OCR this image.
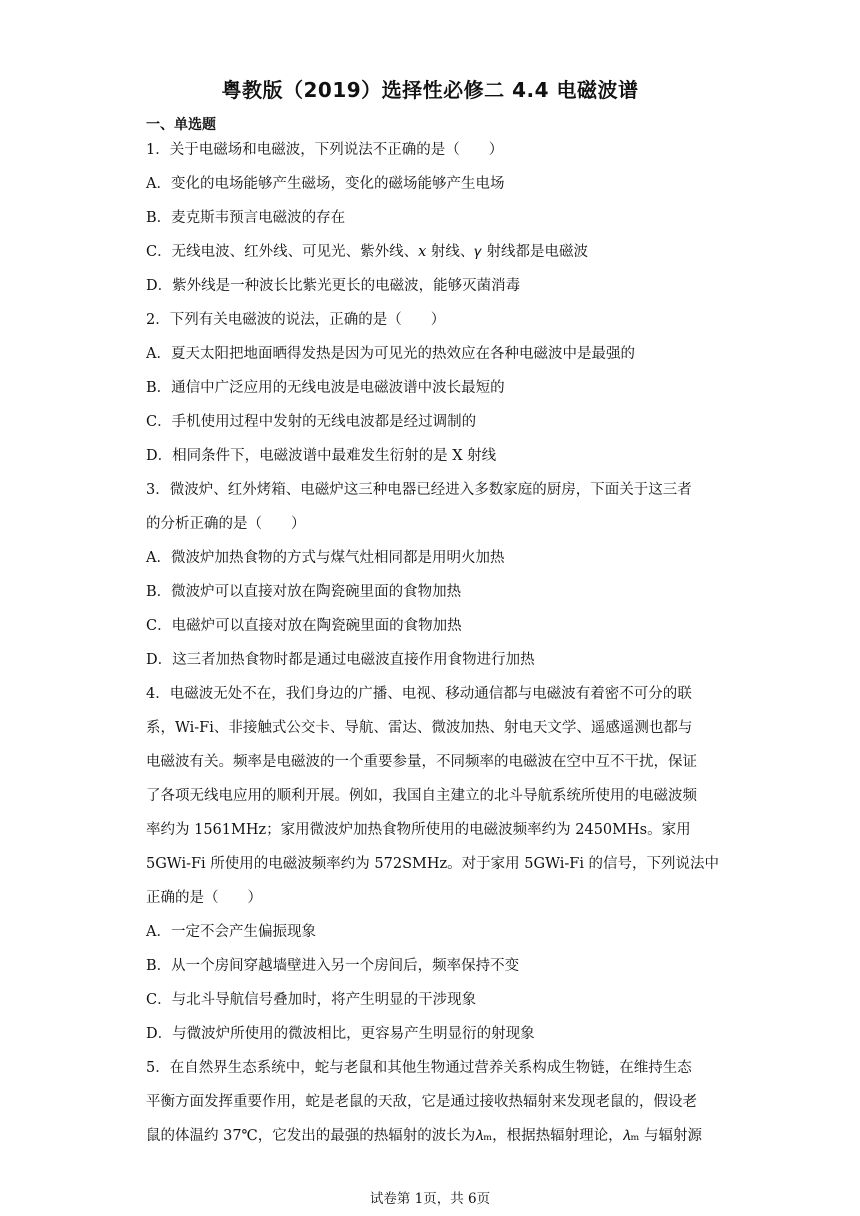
粤教版（2019）选择性必修二 4.4 电磁波谱
一、单选题
1．关于电磁场和电磁波，下列说法不正确的是（　　）
A．变化的电场能够产生磁场，变化的磁场能够产生电场
B．麦克斯韦预言电磁波的存在
C．无线电波、红外线、可见光、紫外线、𝑥 射线、𝛾 射线都是电磁波
D．紫外线是一种波长比紫光更长的电磁波，能够灭菌消毒
2．下列有关电磁波的说法，正确的是（　　）
A．夏天太阳把地面晒得发热是因为可见光的热效应在各种电磁波中是最强的
B．通信中广泛应用的无线电波是电磁波谱中波长最短的
C．手机使用过程中发射的无线电波都是经过调制的
D．相同条件下，电磁波谱中最难发生衍射的是 X 射线
3．微波炉、红外烤箱、电磁炉这三种电器已经进入多数家庭的厨房，下面关于这三者
的分析正确的是（　　）
A．微波炉加热食物的方式与煤气灶相同都是用明火加热
B．微波炉可以直接对放在陶瓷碗里面的食物加热
C．电磁炉可以直接对放在陶瓷碗里面的食物加热
D．这三者加热食物时都是通过电磁波直接作用食物进行加热
4．电磁波无处不在，我们身边的广播、电视、移动通信都与电磁波有着密不可分的联
系，Wi-Fi、非接触式公交卡、导航、雷达、微波加热、射电天文学、遥感遥测也都与
电磁波有关。频率是电磁波的一个重要参量，不同频率的电磁波在空中互不干扰，保证
了各项无线电应用的顺利开展。例如，我国自主建立的北斗导航系统所使用的电磁波频
率约为 1561MHz；家用微波炉加热食物所使用的电磁波频率约为 2450MHs。家用
5GWi-Fi 所使用的电磁波频率约为 572SMHz。对于家用 5GWi-Fi 的信号，下列说法中
正确的是（　　）
A．一定不会产生偏振现象
B．从一个房间穿越墙壁进入另一个房间后，频率保持不变
C．与北斗导航信号叠加时，将产生明显的干涉现象
D．与微波炉所使用的微波相比，更容易产生明显衍的射现象
5．在自然界生态系统中，蛇与老鼠和其他生物通过营养关系构成生物链，在维持生态
平衡方面发挥重要作用，蛇是老鼠的天敌，它是通过接收热辐射来发现老鼠的，假设老
鼠的体温约 37℃，它发出的最强的热辐射的波长为𝜆ₘ，根据热辐射理论，𝜆ₘ 与辐射源
试卷第 1页，共 6页
